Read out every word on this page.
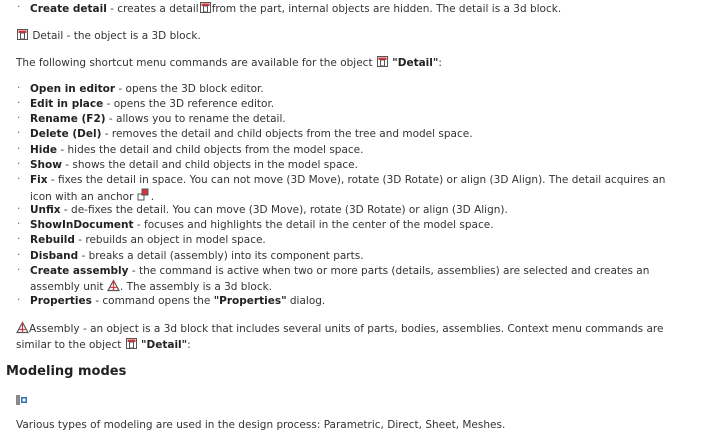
· Create detail - creates a detail from the part, internal objects are hidden. The detail is a 3d block.
Detail - the object is a 3D block.
The following shortcut menu commands are available for the object  "Detail":
· Open in editor - opens the 3D block editor.
· Edit in place - opens the 3D reference editor.
· Rename (F2) - allows you to rename the detail.
· Delete (Del) - removes the detail and child objects from the tree and model space.
· Hide - hides the detail and child objects from the model space.
· Show - shows the detail and child objects in the model space.
· Fix - fixes the detail in space. You can not move (3D Move), rotate (3D Rotate) or align (3D Align). The detail acquires an icon with an anchor .
· Unfix - de-fixes the detail. You can move (3D Move), rotate (3D Rotate) or align (3D Align).
· ShowInDocument - focuses and highlights the detail in the center of the model space.
· Rebuild - rebuilds an object in model space.
· Disband - breaks a detail (assembly) into its component parts.
· Create assembly - the command is active when two or more parts (details, assemblies) are selected and creates an assembly unit . The assembly is a 3d block.
· Properties - command opens the "Properties" dialog.
Assembly - an object is a 3d block that includes several units of parts, bodies, assemblies. Context menu commands are similar to the object  "Detail":
Modeling modes
Various types of modeling are used in the design process: Parametric, Direct, Sheet, Meshes.
